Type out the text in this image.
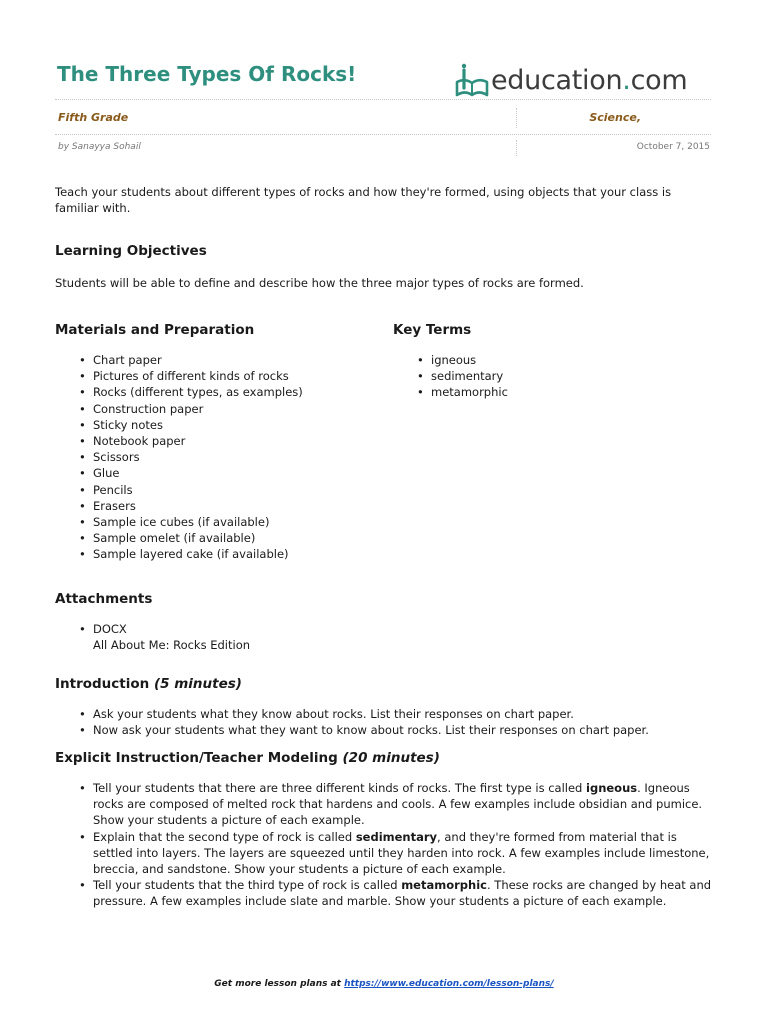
The Three Types Of Rocks!	education.com
Fifth Grade	Science,
by Sanayya Sohail	October 7, 2015

Teach your students about different types of rocks and how they're formed, using objects that your class is familiar with.

Learning Objectives

Students will be able to define and describe how the three major types of rocks are formed.

Materials and Preparation
• Chart paper
• Pictures of different kinds of rocks
• Rocks (different types, as examples)
• Construction paper
• Sticky notes
• Notebook paper
• Scissors
• Glue
• Pencils
• Erasers
• Sample ice cubes (if available)
• Sample omelet (if available)
• Sample layered cake (if available)
Key Terms
• igneous
• sedimentary
• metamorphic
Attachments
• DOCX
All About Me: Rocks Edition
Introduction (5 minutes)
• Ask your students what they know about rocks. List their responses on chart paper.
• Now ask your students what they want to know about rocks. List their responses on chart paper.
Explicit Instruction/Teacher Modeling (20 minutes)
• Tell your students that there are three different kinds of rocks. The first type is called igneous. Igneous rocks are composed of melted rock that hardens and cools. A few examples include obsidian and pumice. Show your students a picture of each example.
• Explain that the second type of rock is called sedimentary, and they're formed from material that is settled into layers. The layers are squeezed until they harden into rock. A few examples include limestone, breccia, and sandstone. Show your students a picture of each example.
• Tell your students that the third type of rock is called metamorphic. These rocks are changed by heat and pressure. A few examples include slate and marble. Show your students a picture of each example.
Get more lesson plans at https://www.education.com/lesson-plans/
